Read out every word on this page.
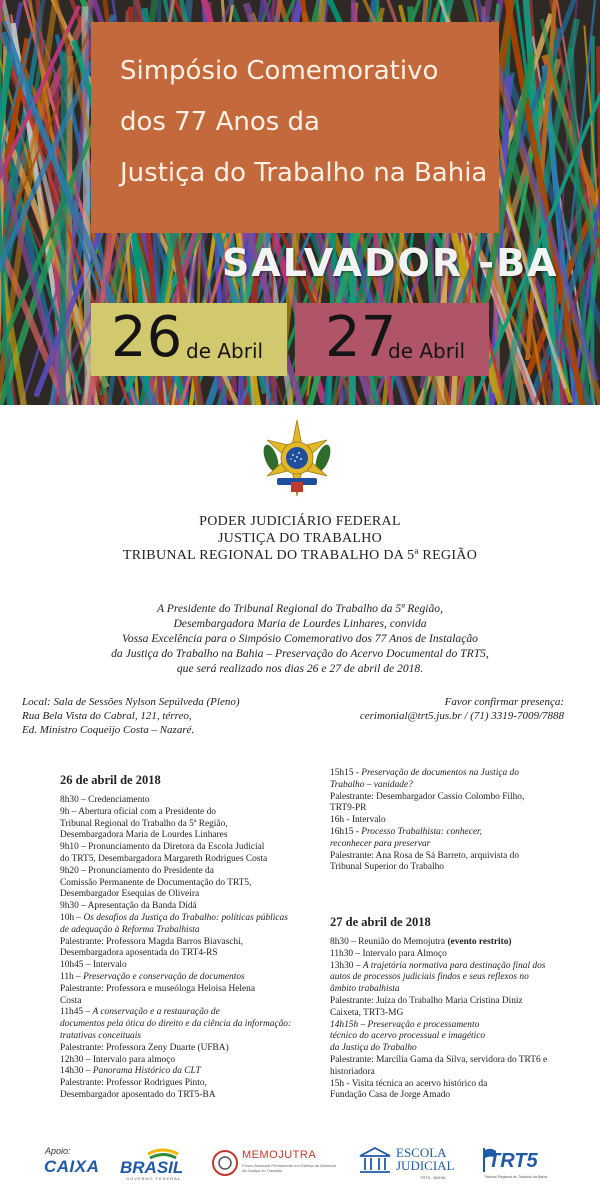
Simpósio Comemorativo
dos 77 Anos da
Justiça do Trabalho na Bahia
SALVADOR -BA
26 de Abril 27
de Abril
PODER JUDICIÁRIO FEDERAL
JUSTIÇA DO TRABALHO
TRIBUNAL REGIONAL DO TRABALHO DA 5ª REGIÃO
A Presidente do Tribunal Regional do Trabalho da 5ª Região,
Desembargadora Maria de Lourdes Linhares, convida
Vossa Excelência para o Simpósio Comemorativo dos 77 Anos de Instalação
da Justiça do Trabalho na Bahia – Preservação do Acervo Documental do TRT5,
que será realizado nos dias 26 e 27 de abril de 2018.
Local: Sala de Sessões Nylson Sepúlveda (Pleno)
Rua Bela Vista do Cabral, 121, térreo,
Ed. Ministro Coqueijo Costa – Nazaré.
Favor confirmar presença:
cerimonial@trt5.jus.br / (71) 3319-7009/7888
26 de abril de 2018
8h30 – Credenciamento
9h – Abertura oficial com a Presidente do
Tribunal Regional do Trabalho da 5ª Região,
Desembargadora Maria de Lourdes Linhares
9h10 – Pronunciamento da Diretora da Escola Judicial
do TRT5, Desembargadora Margareth Rodrigues Costa
9h20 – Pronunciamento do Presidente da
Comissão Permanente de Documentação do TRT5,
Desembargador Esequias de Oliveira
9h30 – Apresentação da Banda Didá
10h – Os desafios da Justiça do Trabalho: políticas públicas
de adequação à Reforma Trabalhista
Palestrante: Professora Magda Barros Biavaschi,
Desembargadora aposentada do TRT4-RS
10h45 – Intervalo
11h – Preservação e conservação de documentos
Palestrante: Professora e museóloga Heloisa Helena
Costa
11h45 – A conservação e a restauração de
documentos pela ótica do direito e da ciência da informação:
tratativas conceituais
Palestrante: Professora Zeny Duarte (UFBA)
12h30 – Intervalo para almoço
14h30 – Panorama Histórico da CLT
Palestrante: Professor Rodrigues Pinto,
Desembargador aposentado do TRT5-BA
15h15 - Preservação de documentos na Justiça do
Trabalho – vanidade?
Palestrante: Desembargador Cassio Colombo Filho,
TRT9-PR
16h - Intervalo
16h15 - Processo Trabalhista: conhecer,
reconhecer para preservar
Palestrante: Ana Rosa de Sá Barreto, arquivista do
Tribunal Superior do Trabalho
27 de abril de 2018
8h30 – Reunião do Memojutra (evento restrito)
11h30 – Intervalo para Almoço
13h30 – A trajetória normativa para destinação final dos
autos de processos judiciais findos e seus reflexos no
âmbito trabalhista
Palestrante: Juíza do Trabalho Maria Cristina Diniz
Caixeta, TRT3-MG
14h15h – Preservação e processamento
técnico do acervo processual e imagético
da Justiça do Trabalho
Palestrante: Marcília Gama da Silva, servidora do TRT6 e
historiadora
15h - Visita técnica ao acervo histórico da
Fundação Casa de Jorge Amado
Apoio:
CAIXA BRASIL
GOVERNO FEDERAL
MEMOJUTRA
Fórum Nacional Permanente em Defesa da Memória da Justiça do Trabalho
ESCOLA JUDICIAL
TRT5 - BAHIA
TRT5
Tribunal Regional do Trabalho da Bahia
